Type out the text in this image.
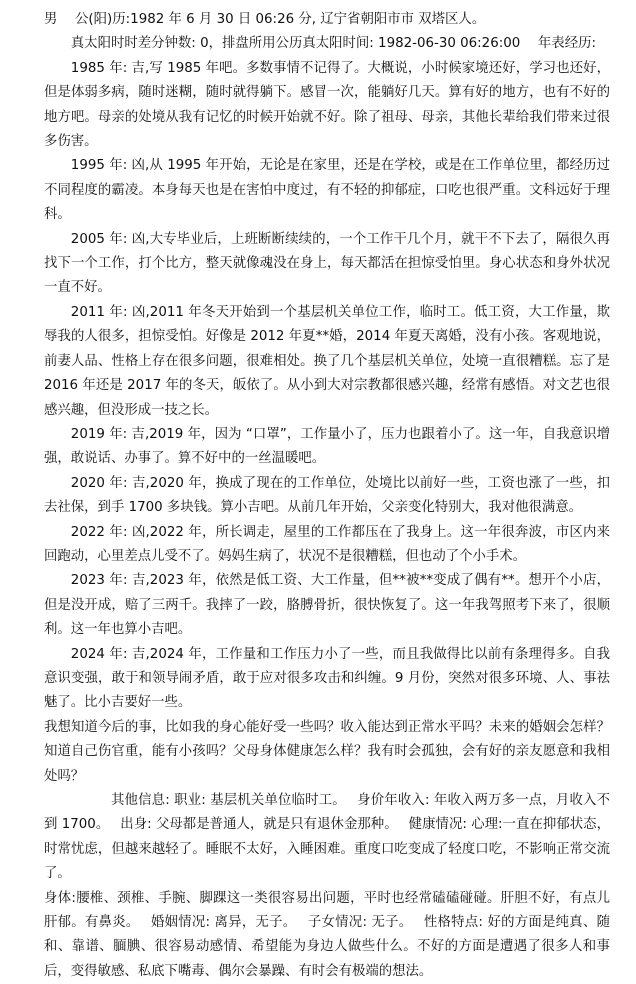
男　 公(阳)历:1982 年 6 月 30 日 06:26 分, 辽宁省朝阳市市 双塔区人。

真太阳时时差分钟数: 0，排盘所用公历真太阳时间: 1982-06-30 06:26:00　 年表经历:

1985 年: 吉,写 1985 年吧。多数事情不记得了。大概说，小时候家境还好，学习也还好，但是体弱多病，随时迷糊，随时就得躺下。感冒一次，能躺好几天。算有好的地方，也有不好的地方吧。母亲的处境从我有记忆的时候开始就不好。除了祖母、母亲，其他长辈给我们带来过很多伤害。

1995 年: 凶,从 1995 年开始，无论是在家里，还是在学校，或是在工作单位里，都经历过不同程度的霸凌。本身每天也是在害怕中度过，有不轻的抑郁症，口吃也很严重。文科远好于理科。

2005 年: 凶,大专毕业后，上班断断续续的，一个工作干几个月，就干不下去了，隔很久再找下一个工作，打个比方，整天就像魂没在身上，每天都活在担惊受怕里。身心状态和身外状况一直不好。

2011 年: 凶,2011 年冬天开始到一个基层机关单位工作，临时工。低工资，大工作量，欺辱我的人很多，担惊受怕。好像是 2012 年夏**婚，2014 年夏天离婚，没有小孩。客观地说，前妻人品、性格上存在很多问题，很难相处。换了几个基层机关单位，处境一直很糟糕。忘了是 2016 年还是 2017 年的冬天，皈依了。从小到大对宗教都很感兴趣，经常有感悟。对文艺也很感兴趣，但没形成一技之长。

2019 年: 吉,2019 年，因为 “口罩”，工作量小了，压力也跟着小了。这一年，自我意识增强，敢说话、办事了。算不好中的一丝温暖吧。

2020 年: 吉,2020 年，换成了现在的工作单位，处境比以前好一些，工资也涨了一些，扣去社保，到手 1700 多块钱。算小吉吧。从前几年开始，父亲变化特别大，我对他很满意。

2022 年: 凶,2022 年，所长调走，屋里的工作都压在了我身上。这一年很奔波，市区内来回跑动，心里差点儿受不了。妈妈生病了，状况不是很糟糕，但也动了个小手术。

2023 年: 吉,2023 年，依然是低工资、大工作量，但**被**变成了偶有**。想开个小店，但是没开成，赔了三两千。我摔了一跤，胳膊骨折，很快恢复了。这一年我驾照考下来了，很顺利。这一年也算小吉吧。

2024 年: 吉,2024 年，工作量和工作压力小了一些，而且我做得比以前有条理得多。自我意识变强，敢于和领导闹矛盾，敢于应对很多攻击和纠缠。9 月份，突然对很多环境、人、事祛魅了。比小吉要好一些。

我想知道今后的事，比如我的身心能好受一些吗？收入能达到正常水平吗？未来的婚姻会怎样？知道自己伤官重，能有小孩吗？父母身体健康怎么样？我有时会孤独，会有好的亲友愿意和我相处吗？

其他信息: 职业: 基层机关单位临时工。　 身价年收入: 年收入两万多一点，月收入不到 1700。　 出身: 父母都是普通人，就是只有退休金那种。　 健康情况: 心理:一直在抑郁状态，时常忧虑，但越来越轻了。睡眠不太好，入睡困难。重度口吃变成了轻度口吃，不影响正常交流了。

身体:腰椎、颈椎、手腕、脚踝这一类很容易出问题，平时也经常磕磕碰碰。肝胆不好，有点儿肝郁。有鼻炎。　 婚姻情况: 离异，无子。　 子女情况: 无子。　 性格特点: 好的方面是纯真、随和、靠谱、腼腆、很容易动感情、希望能为身边人做些什么。不好的方面是遭遇了很多人和事后，变得敏感、私底下嘴毒、偶尔会暴躁、有时会有极端的想法。
